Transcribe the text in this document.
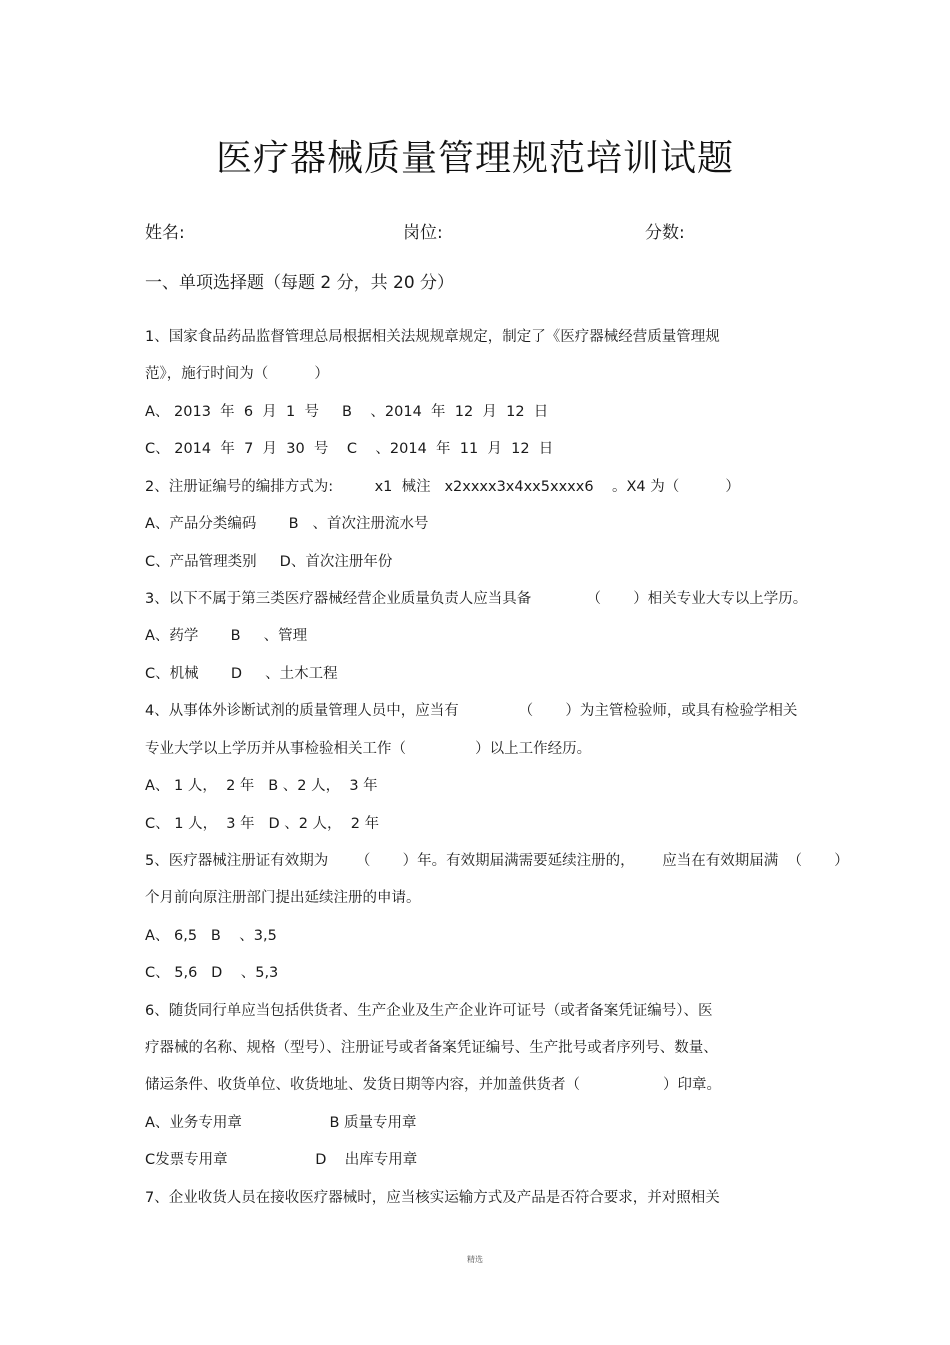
医疗器械质量管理规范培训试题
姓名:	岗位:	分数:
一、单项选择题（每题 2 分，共 20 分）
1、国家食品药品监督管理总局根据相关法规规章规定，制定了《医疗器械经营质量管理规
范》，施行时间为（          ）
A、 2013  年  6  月  1  号     B    、2014  年  12  月  12  日
C、 2014  年  7  月  30  号    C    、2014  年  11  月  12  日
2、注册证编号的编排方式为:         x1  械注   x2xxxx3x4xx5xxxx6    。X4 为（          ）
A、产品分类编码       B   、首次注册流水号
C、产品管理类别     D、首次注册年份
3、以下不属于第三类医疗器械经营企业质量负责人应当具备            （       ）相关专业大专以上学历。
A、药学       B     、管理
C、机械       D     、土木工程
4、从事体外诊断试剂的质量管理人员中，应当有             （       ）为主管检验师，或具有检验学相关
专业大学以上学历并从事检验相关工作（               ）以上工作经历。
A、 1 人，  2 年   B 、2 人，  3 年
C、 1 人，  3 年   D 、2 人，  2 年
5、医疗器械注册证有效期为      （       ）年。有效期届满需要延续注册的，      应当在有效期届满  （       ）
个月前向原注册部门提出延续注册的申请。
A、 6,5   B    、3,5
C、 5,6   D    、5,3
6、随货同行单应当包括供货者、生产企业及生产企业许可证号（或者备案凭证编号）、医
疗器械的名称、规格（型号）、注册证号或者备案凭证编号、生产批号或者序列号、数量、
储运条件、收货单位、收货地址、发货日期等内容，并加盖供货者（                  ）印章。
A、业务专用章                   B 质量专用章
C发票专用章                   D    出库专用章
7、企业收货人员在接收医疗器械时，应当核实运输方式及产品是否符合要求，并对照相关
精选
